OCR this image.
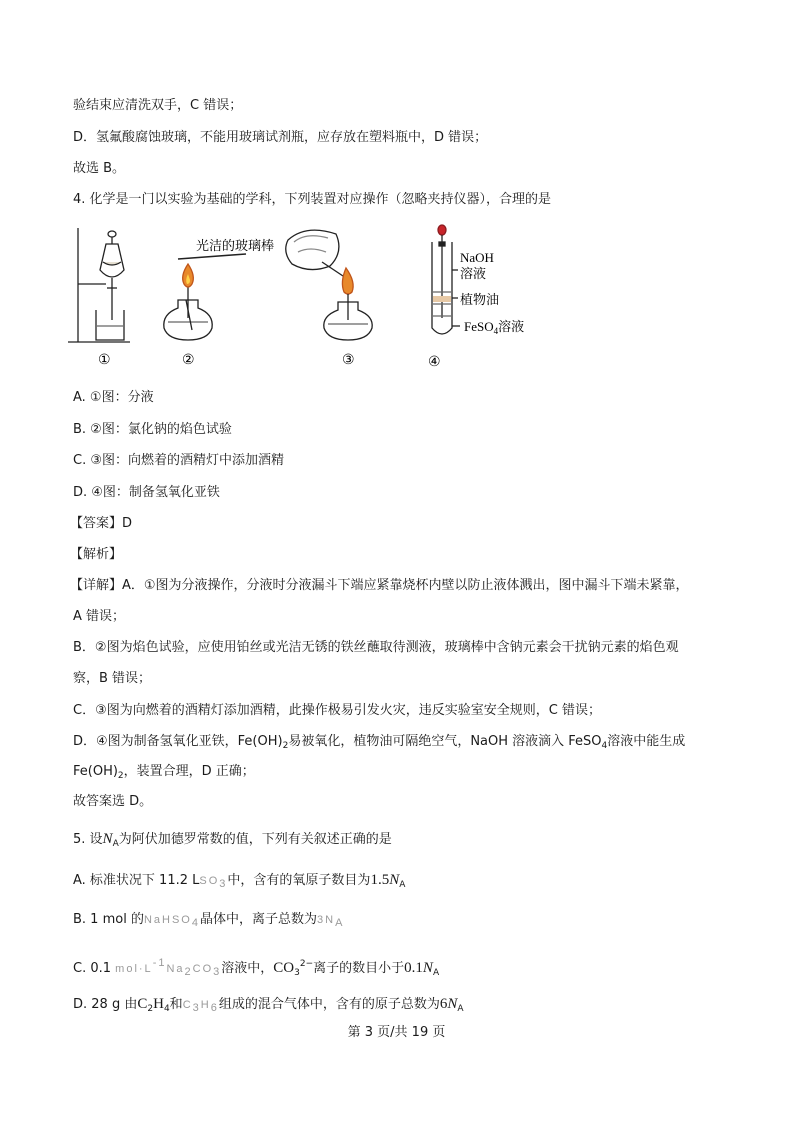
验结束应清洗双手，C 错误；
D．氢氟酸腐蚀玻璃，不能用玻璃试剂瓶，应存放在塑料瓶中，D 错误；
故选 B。
4. 化学是一门以实验为基础的学科，下列装置对应操作（忽略夹持仪器），合理的是
①	②	③	④
光洁的玻璃棒
NaOH
溶液
植物油
FeSO$_4$溶液
A. ①图：分液
B. ②图：氯化钠的焰色试验
C. ③图：向燃着的酒精灯中添加酒精
D. ④图：制备氢氧化亚铁
【答案】D
【解析】
【详解】A．①图为分液操作，分液时分液漏斗下端应紧靠烧杯内壁以防止液体溅出，图中漏斗下端未紧靠，
A 错误；
B．②图为焰色试验，应使用铂丝或光洁无锈的铁丝蘸取待测液，玻璃棒中含钠元素会干扰钠元素的焰色观
察，B 错误；
C．③图为向燃着的酒精灯添加酒精，此操作极易引发火灾，违反实验室安全规则，C 错误；
D．④图为制备氢氧化亚铁，$Fe(OH)_2$易被氧化，植物油可隔绝空气，NaOH 溶液滴入 FeSO$_4$溶液中能生成
$Fe(OH)_2$，装置合理，D 正确；
故答案选 D。
5. 设$N_A$为阿伏加德罗常数的值，下列有关叙述正确的是
A. 标准状况下 11.2 $LSO_3$中，含有的氧原子数目为$1.5N_A$
B. 1 mol 的NaHSO$_4$晶体中，离子总数为$3N_A$
C. 0.1 $mol\cdot L^{-1}Na_2CO_3$溶液中，$CO_3^{2-}$离子的数目小于$0.1N_A$
D. 28 g 由$C_2H_4$和$C_3H_6$组成的混合气体中，含有的原子总数为$6N_A$
第 3 页/共 19 页
